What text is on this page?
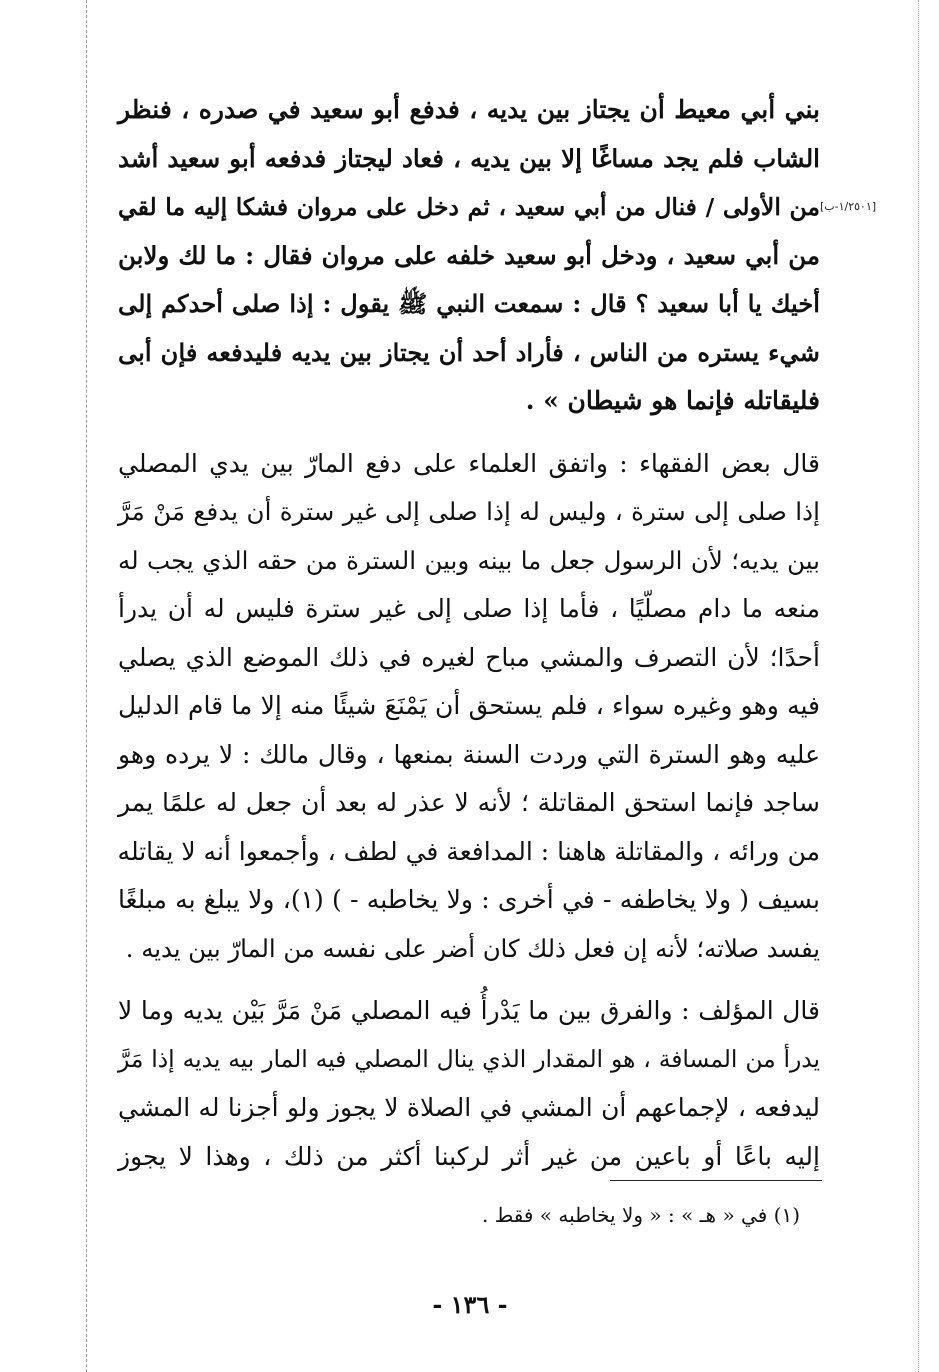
[١/٢٥٠١-ب]

بني أبي معيط أن يجتاز بين يديه ، فدفع أبو سعيد في صدره ، فنظر
الشاب فلم يجد مساغًا إلا بين يديه ، فعاد ليجتاز فدفعه أبو سعيد أشد
من الأولى / فنال من أبي سعيد ، ثم دخل على مروان فشكا إليه ما لقي
من أبي سعيد ، ودخل أبو سعيد خلفه على مروان فقال : ما لك ولابن
أخيك يا أبا سعيد ؟ قال : سمعت النبي ﷺ يقول : إذا صلى أحدكم إلى
شيء يستره من الناس ، فأراد أحد أن يجتاز بين يديه فليدفعه فإن أبى
فليقاتله فإنما هو شيطان » .

قال بعض الفقهاء : واتفق العلماء على دفع المارّ بين يدي المصلي
إذا صلى إلى سترة ، وليس له إذا صلى إلى غير سترة أن يدفع مَنْ مَرَّ
بين يديه؛ لأن الرسول جعل ما بينه وبين السترة من حقه الذي يجب له
منعه ما دام مصلّيًا ، فأما إذا صلى إلى غير سترة فليس له أن يدرأ
أحدًا؛ لأن التصرف والمشي مباح لغيره في ذلك الموضع الذي يصلي
فيه وهو وغيره سواء ، فلم يستحق أن يَمْنَعَ شيئًا منه إلا ما قام الدليل
عليه وهو السترة التي وردت السنة بمنعها ، وقال مالك : لا يرده وهو
ساجد فإنما استحق المقاتلة ؛ لأنه لا عذر له بعد أن جعل له علمًا يمر
من ورائه ، والمقاتلة هاهنا : المدافعة في لطف ، وأجمعوا أنه لا يقاتله
بسيف ( ولا يخاطفه - في أخرى : ولا يخاطبه - ) (١)، ولا يبلغ به مبلغًا
يفسد صلاته؛ لأنه إن فعل ذلك كان أضر على نفسه من المارّ بين يديه .

قال المؤلف : والفرق بين ما يَدْرأُ فيه المصلي مَنْ مَرَّ بَيْن يديه وما لا
يدرأ من المسافة ، هو المقدار الذي ينال المصلي فيه المار بيه يديه إذا مَرَّ
ليدفعه ، لإجماعهم أن المشي في الصلاة لا يجوز ولو أجزنا له المشي
إليه باعًا أو باعين من غير أثر لركبنا أكثر من ذلك ، وهذا لا يجوز

(١) في « هـ » : « ولا يخاطبه » فقط .
- ١٣٦ -
